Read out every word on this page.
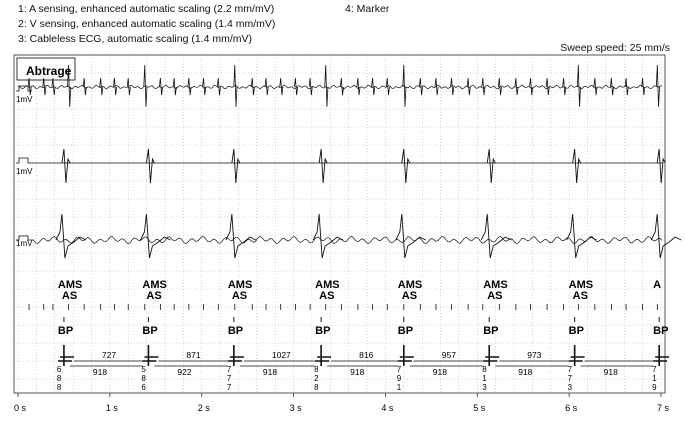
1: A sensing, enhanced automatic scaling (2.2 mm/mV)
2: V sensing, enhanced automatic scaling (1.4 mm/mV)
3: Cableless ECG, automatic scaling (1.4 mm/mV)
4: Marker
Sweep speed: 25 mm/s
Abtrage
1mV
1mV
1mV
AMS
AS
BP
AMS
AS
BP
AMS
AS
BP
AMS
AS
BP
AMS
AS
BP
AMS
AS
BP
AMS
AS
BP
A
BP
6
8
8
727
918	5
8
6
871
922	7
7
7
1027
918	8
2
8
816
918	7
9
1
957
918	8
1
3
973
918	7
7
3
918	7
1
9
0 s	1 s	2 s	3 s	4 s	5 s	6 s	7 s
